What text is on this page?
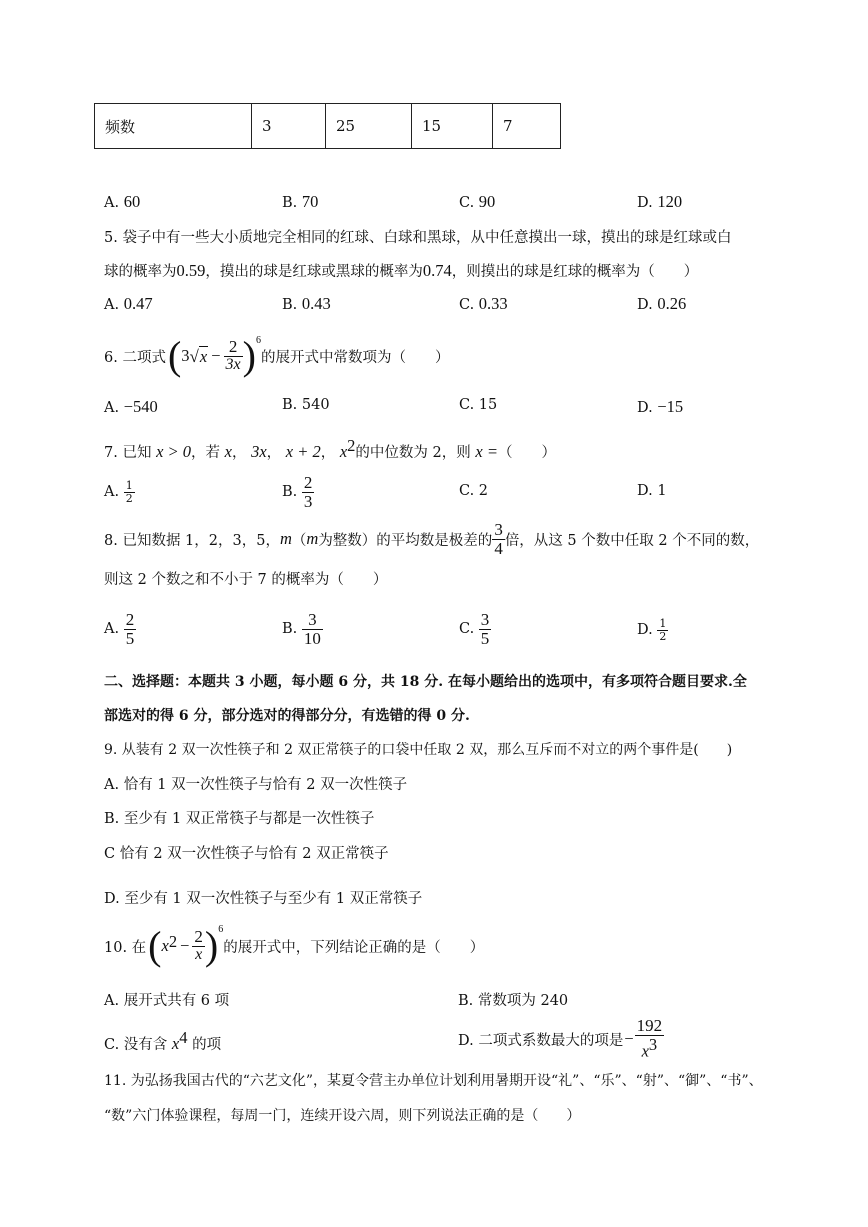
频数	3	25	15	7
A. 60	B. 70	C. 90	D. 120
5. 袋子中有一些大小质地完全相同的红球、白球和黑球，从中任意摸出一球，摸出的球是红球或白
球的概率为0.59，摸出的球是红球或黑球的概率为0.74，则摸出的球是红球的概率为（　　）
A. 0.47	B. 0.43	C. 0.33	D. 0.26
6. 二项式 ( 3 √ $x - \frac{2}{3x}$ ) 6
的展开式中常数项为（　　）
A. −540	B. 540	C. 15	D. −15
7. 已知 x > 0，若 x， 3x， x + 2， $x^2$的中位数为 2，则 x =（　　）
A.
$\frac{1}{2}$	B.
$\frac{2}{3}$	C. 2	D. 1
8. 已知数据 1，2，3，5， m （ m 为整数）的平均数是极差的 $\frac{3}{4}$ 倍，从这 5 个数中任取 2 个不同的数，
则这 2 个数之和不小于 7 的概率为（　　）
A.
$\frac{2}{5}$	B.
$\frac{3}{10}$	C.
$\frac{3}{5}$	D.
$\frac{1}{2}$
二、选择题：本题共 3 小题，每小题 6 分，共 18 分. 在每小题给出的选项中，有多项符合题目要求.全
部选对的得 6 分，部分选对的得部分分，有选错的得 0 分.
9. 从装有 2 双一次性筷子和 2 双正常筷子的口袋中任取 2 双，那么互斥而不对立的两个事件是(　　)
A. 恰有 1 双一次性筷子与恰有 2 双一次性筷子
B. 至少有 1 双正常筷子与都是一次性筷子
C 恰有 2 双一次性筷子与恰有 2 双正常筷子
D. 至少有 1 双一次性筷子与至少有 1 双正常筷子
10. 在 ( x $2 - \frac{2}{x}$ ) 6
的展开式中，下列结论正确的是（　　）
A. 展开式共有 6 项	B. 常数项为 240
C. 没有含 $x^4$ 的项	D. 二项式系数最大的项是 − $\frac{192}{x^3}$
11. 为弘扬我国古代的“六艺文化”，某夏令营主办单位计划利用暑期开设“礼”、“乐”、“射”、“御”、“书”、
“数”六门体验课程，每周一门，连续开设六周，则下列说法正确的是（　　）
